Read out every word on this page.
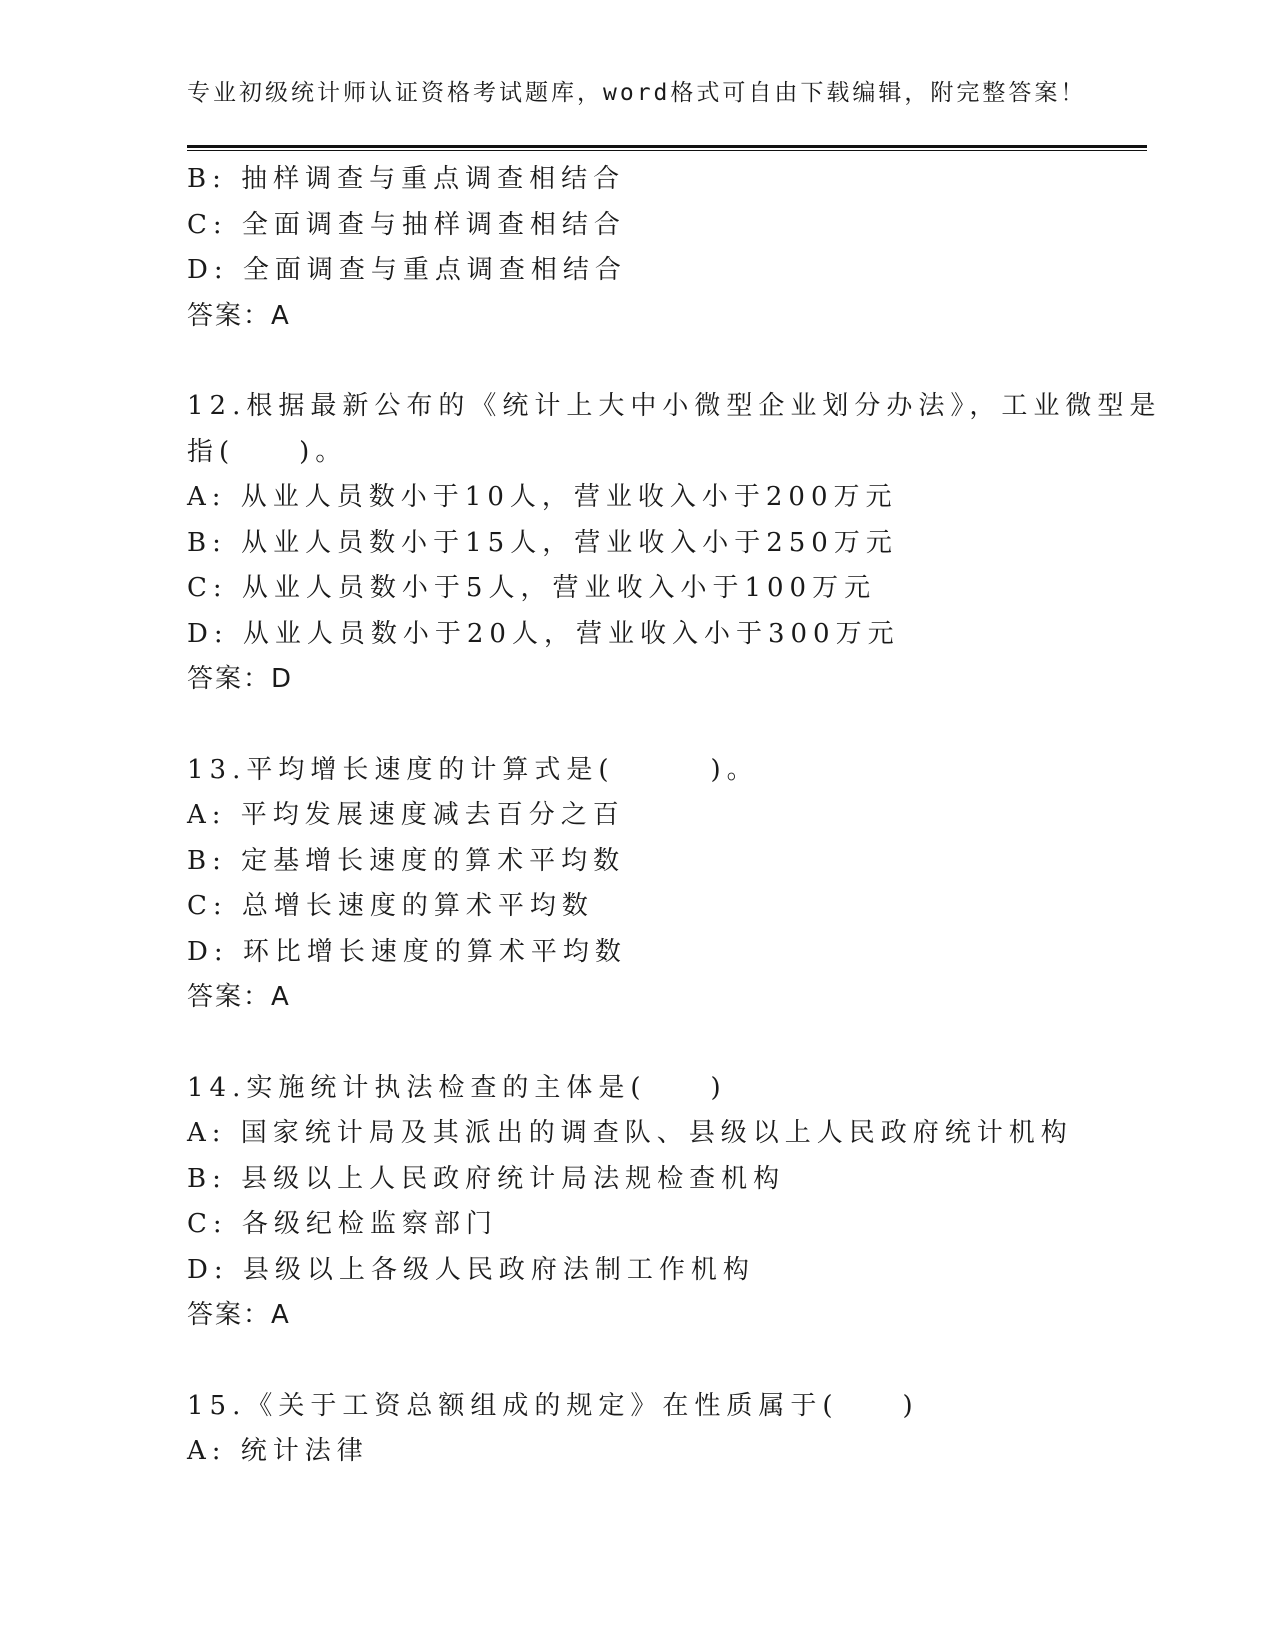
专业初级统计师认证资格考试题库，word格式可自由下载编辑，附完整答案！
B: 抽样调查与重点调查相结合
C: 全面调查与抽样调查相结合
D: 全面调查与重点调查相结合
答案：A
12.根据最新公布的《统计上大中小微型企业划分办法》，工业微型是
指(　　)。
A: 从业人员数小于10人，营业收入小于200万元
B: 从业人员数小于15人，营业收入小于250万元
C: 从业人员数小于5人，营业收入小于100万元
D: 从业人员数小于20人，营业收入小于300万元
答案：D
13.平均增长速度的计算式是(　　　)。
A: 平均发展速度减去百分之百
B: 定基增长速度的算术平均数
C: 总增长速度的算术平均数
D: 环比增长速度的算术平均数
答案：A
14.实施统计执法检查的主体是(　　)
A: 国家统计局及其派出的调查队、县级以上人民政府统计机构
B: 县级以上人民政府统计局法规检查机构
C: 各级纪检监察部门
D: 县级以上各级人民政府法制工作机构
答案：A
15.《关于工资总额组成的规定》在性质属于(　　)
A: 统计法律
